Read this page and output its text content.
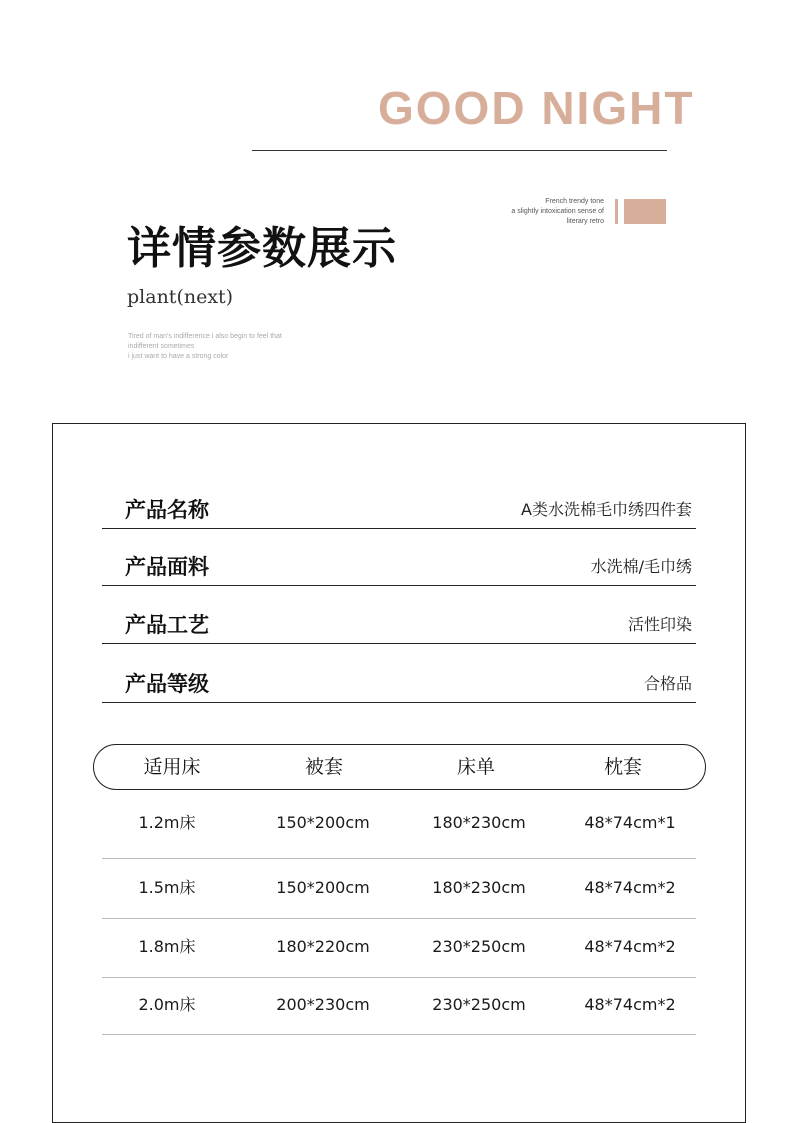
GOOD NIGHT
French trendy tone
a slightly intoxication sense of
literary retro
详情参数展示
plant(next)
Tired of man's indifference i also begin to feel that
indifferent sometimes
i just want to have a strong color
产品名称	A类水洗棉毛巾绣四件套
产品面料	水洗棉/毛巾绣
产品工艺	活性印染
产品等级	合格品
适用床	被套	床单	枕套
1.2m床	150*200cm	180*230cm	48*74cm*1
1.5m床	150*200cm	180*230cm	48*74cm*2
1.8m床	180*220cm	230*250cm	48*74cm*2
2.0m床	200*230cm	230*250cm	48*74cm*2
